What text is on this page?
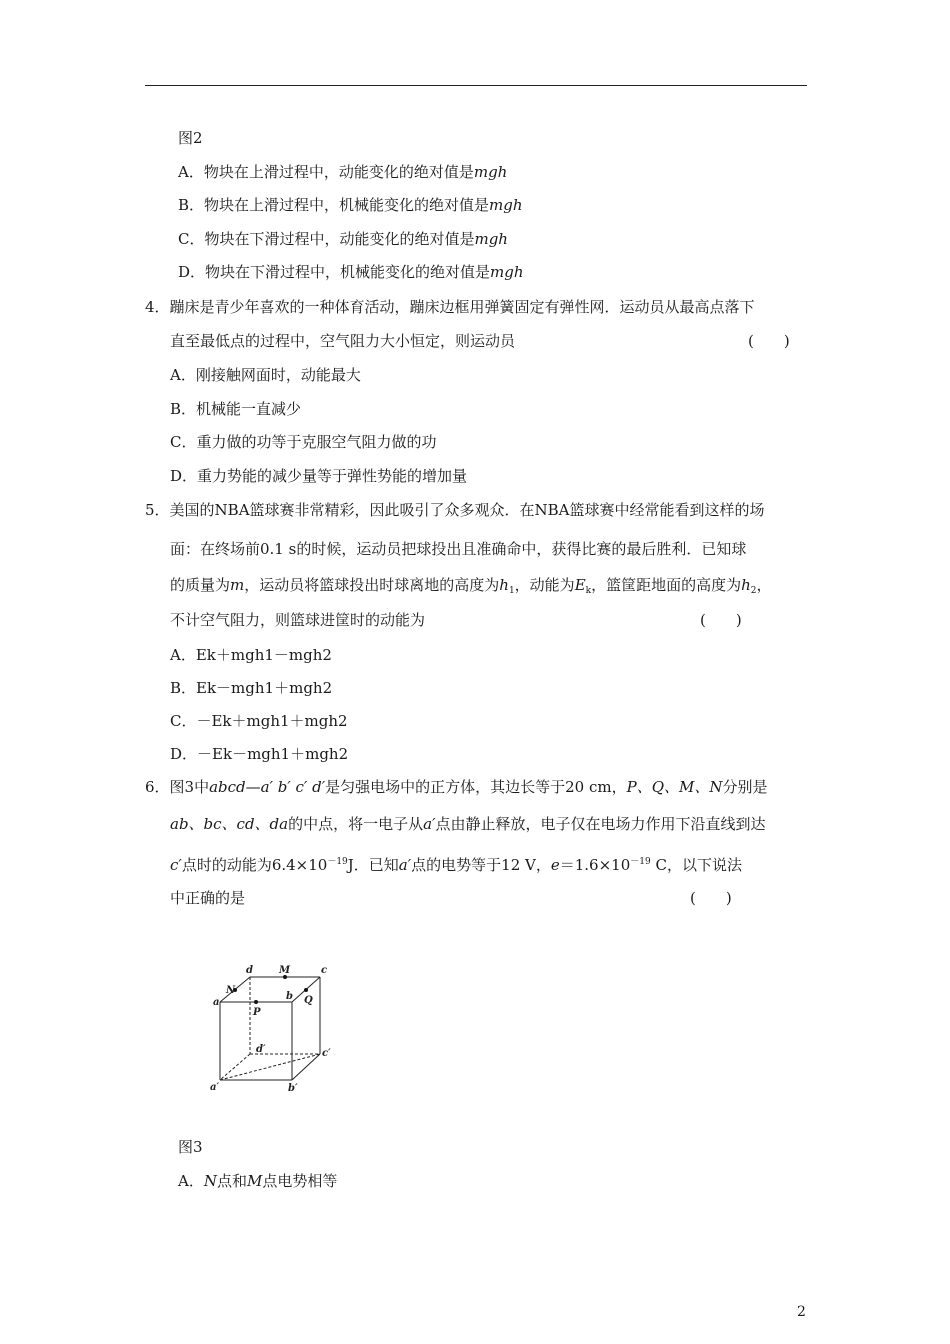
图2
A．物块在上滑过程中，动能变化的绝对值是mgh
B．物块在上滑过程中，机械能变化的绝对值是mgh
C．物块在下滑过程中，动能变化的绝对值是mgh
D．物块在下滑过程中，机械能变化的绝对值是mgh
4．蹦床是青少年喜欢的一种体育活动，蹦床边框用弹簧固定有弹性网．运动员从最高点落下
直至最低点的过程中，空气阻力大小恒定，则运动员	(　　)
A．刚接触网面时，动能最大
B．机械能一直减少
C．重力做的功等于克服空气阻力做的功
D．重力势能的减少量等于弹性势能的增加量
5．美国的NBA篮球赛非常精彩，因此吸引了众多观众．在NBA篮球赛中经常能看到这样的场
面：在终场前0.1 s的时候，运动员把球投出且准确命中，获得比赛的最后胜利．已知球
的质量为m，运动员将篮球投出时球离地的高度为$h_1$，动能为$E_k$，篮筐距地面的高度为$h_2$，
不计空气阻力，则篮球进筐时的动能为	(　　)
A．Ek＋mgh1－mgh2
B．Ek－mgh1＋mgh2
C．－Ek＋mgh1＋mgh2
D．－Ek－mgh1＋mgh2
6．图3中abcd—a′ b′ c′ d′是匀强电场中的正方体，其边长等于20 cm，P、Q、M、N分别是
ab、bc、cd、da的中点，将一电子从a′点由静止释放，电子仅在电场力作用下沿直线到达
c′点时的动能为$6.4\times 10^{-19}J$．已知a′点的电势等于12 V，$e=1.6\times 10^{-19}$ C，以下说法
中正确的是	(　　)
d	M	c
N
b Q
a
P
d′	c′
a′	b′
图3
A．N点和M点电势相等
2
